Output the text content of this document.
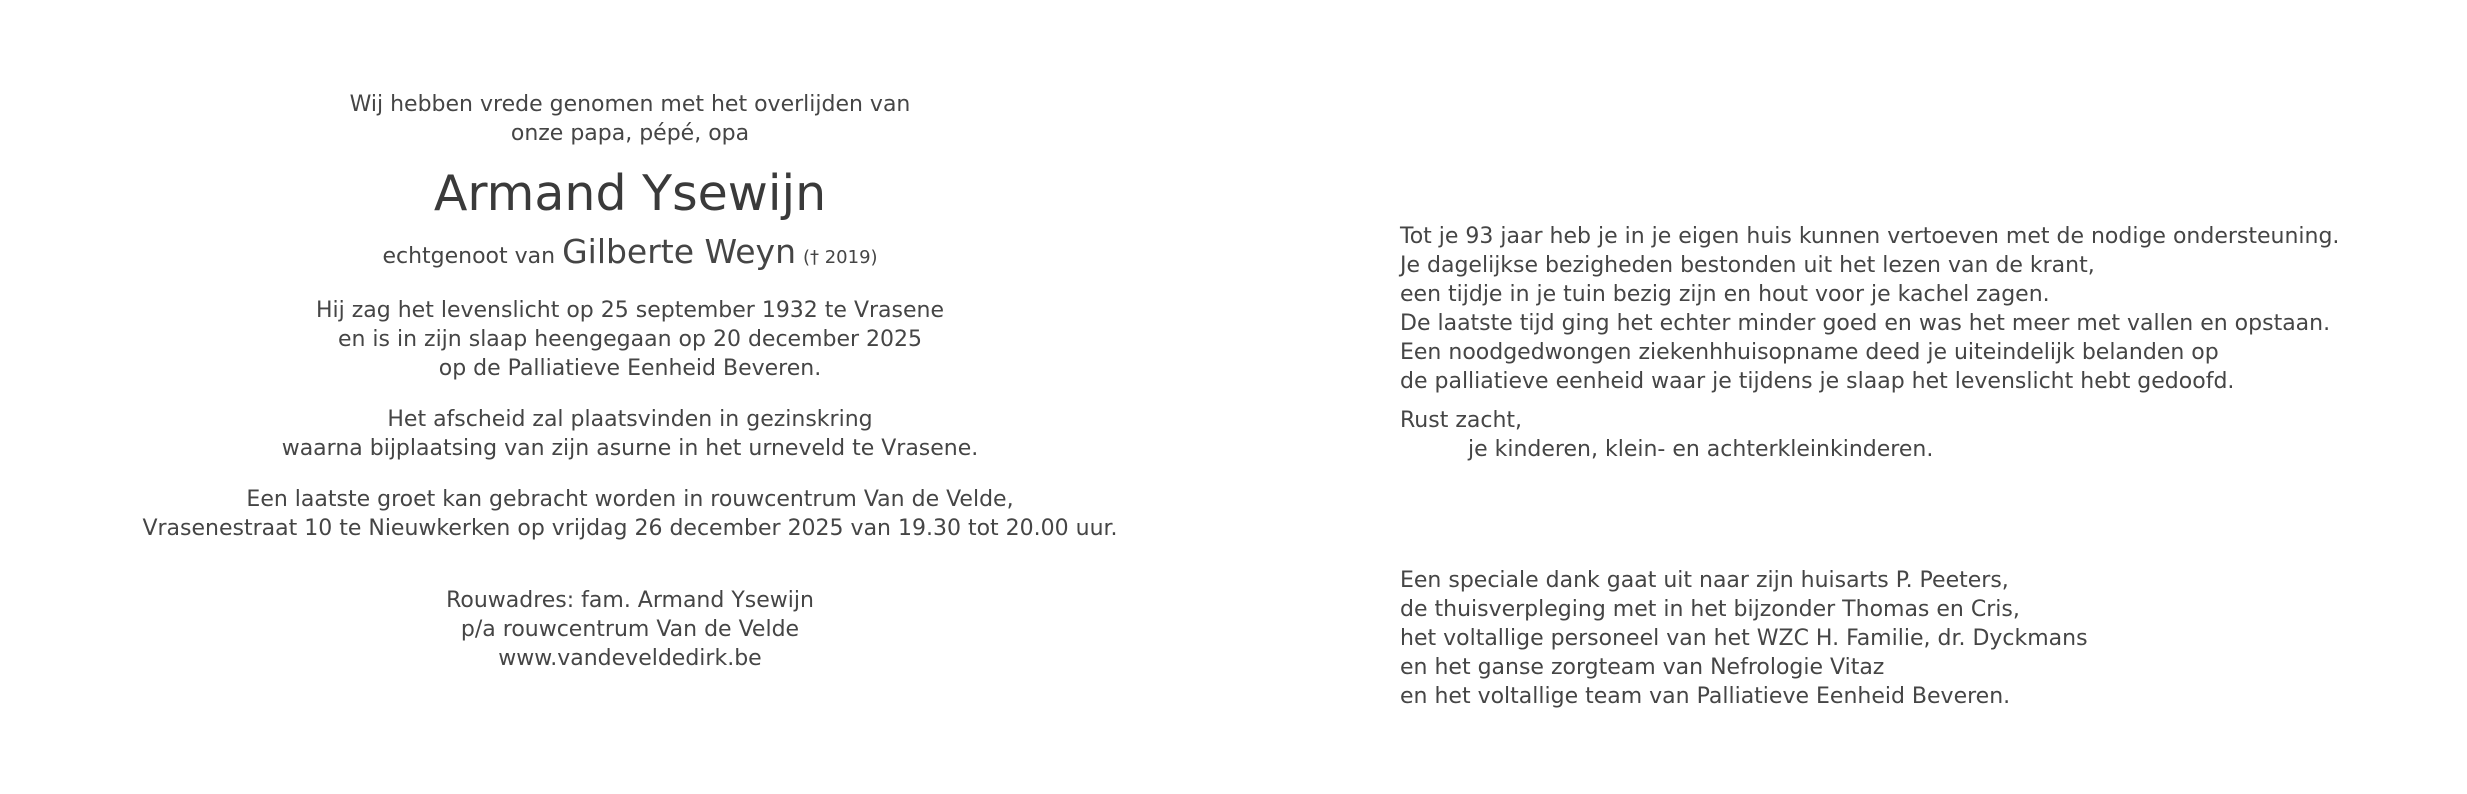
Wij hebben vrede genomen met het overlijden van
onze papa, pépé, opa
Armand Ysewijn
echtgenoot van Gilberte Weyn († 2019)
Hij zag het levenslicht op 25 september 1932 te Vrasene
en is in zijn slaap heengegaan op 20 december 2025
op de Palliatieve Eenheid Beveren.
Het afscheid zal plaatsvinden in gezinskring
waarna bijplaatsing van zijn asurne in het urneveld te Vrasene.
Een laatste groet kan gebracht worden in rouwcentrum Van de Velde,
Vrasenestraat 10 te Nieuwkerken op vrijdag 26 december 2025 van 19.30 tot 20.00 uur.
Rouwadres: fam. Armand Ysewijn
p/a rouwcentrum Van de Velde
www.vandeveldedirk.be
Tot je 93 jaar heb je in je eigen huis kunnen vertoeven met de nodige ondersteuning.
Je dagelijkse bezigheden bestonden uit het lezen van de krant,
een tijdje in je tuin bezig zijn en hout voor je kachel zagen.
De laatste tijd ging het echter minder goed en was het meer met vallen en opstaan.
Een noodgedwongen ziekenhhuisopname deed je uiteindelijk belanden op
de palliatieve eenheid waar je tijdens je slaap het levenslicht hebt gedoofd.
Rust zacht,
je kinderen, klein- en achterkleinkinderen.
Een speciale dank gaat uit naar zijn huisarts P. Peeters,
de thuisverpleging met in het bijzonder Thomas en Cris,
het voltallige personeel van het WZC H. Familie, dr. Dyckmans
en het ganse zorgteam van Nefrologie Vitaz
en het voltallige team van Palliatieve Eenheid Beveren.
